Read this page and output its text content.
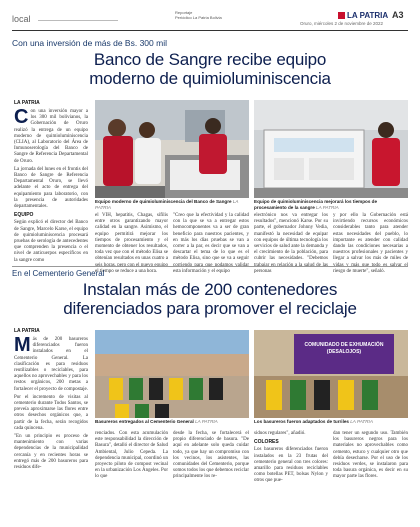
local
Reportaje
Periódico La Patria Bolivia	LA PATRIA A3
Oruro, miércoles 2 de noviembre de 2022
Con una inversión de más de Bs. 300 mil
Banco de Sangre recibe equipo
moderno de quimioluminiscencia
LA PATRIA

Con una inversión mayor a los 300 mil bolivianos, la Gobernación de Oruro realizó la entrega de un equipo moderno de quimioluminiscencia (CLIA), al Laboratorio del Área de Inmunoserología del Banco de Sangre de Referencia Departamental de Oruro.

La jornada del lunes en el frontis del Banco de Sangre de Referencia Departamental Oruro, se llevó adelante el acto de entrega del equipamiento para laboratorio, con la presencia de autoridades departamentales.

EQUIPO

Según explicó el director del Banco de Sangre, Marcelo Karse, el equipo de quimioluminiscencia procesará pruebas de serología de antecedentes que comprenden la presencia o el nivel de anticuerpos específicos en la sangre como

Equipo moderno de quimioluminiscencia del Banco de Sangre LA PATRIA
Equipo de quimioluminiscencia mejorará los tiempos de procesamiento de la sangre LA PATRIA
el VIH, hepatitis, Chagas, sífilis entre otros garantizando mayor calidad en la sangre. Asimismo, el equipo permitirá mejorar los tiempos de procesamiento y el momento de obtener los resultados, toda vez que con el método Elisa se obtenían resultados en unas cuatro a el tiempo se reduce a una hora.
"Creo que la efectividad y la calidad con la que se va a entregar estos hemocomponentes va a ser de gran beneficio para nuestros pacientes, y en más los días pruebas se van a correr a la par, es decir que se van a descartar el tema de lo que es el método Elisa, sino que se va a seguir esta información y el equipo
electrónico nos va entregar los resultados", mencionó Karse. Por su parte, el gobernador Johnny Vedia, manifestó la necesidad de equipar con equipos de última tecnología los servicios de salud ante la demanda y el crecimiento de la población, para cubrir las necesidades. "Debemos personas
y por ello la Gobernación está invirtiendo recursos económicos considerables tanto para atender estas necesidades del pueblo, lo importante es atender con calidad dando las condiciones necesarias a nuestros profesionales y pacientes y llegar a salvar los más de miles de riesgo de muerte", señaló.
En el Cementerio General
Instalan más de 200 contenedores
diferenciados para promover el reciclaje
LA PATRIA

Más de 200 basureros diferenciados fueron instalados en el Cementerio General. La clasificación es para residuos reutilizables o reciclables, para aquellos no aprovechables y para los restos orgánicos, 200 metas a fortalecer el proyecto de compostaje.

Por el incremento de visitas al cementerio durante Todos Santos, se preveía aproximarse las flores entre otros desechos orgánicos que, a partir de la fecha, serán recogidos cada quincena.

"En un principio es proceso de mantenimiento con varias dependencias de la municipalidad cercanía y en recientes horas se entregó más de 200 basureros para residuos dife-

Basureros entregados al Cementerio General LA PATRIA
COMUNIDADO DE EXHUMACIÓN
(DESALOJOS)
Los basureros fueron adaptados de turriles LA PATRIA
renciados. Con esta acumulación este responsabilidad la dirección de Basura", detalló el director de Salud Ambiental, Julio Cepeda. La dependencia municipal, coordinó un proyecto piloto de compost vecinal en la urbanización Los Ángeles. Por lo que
desde la fecha, se fortalecerá el propio diferenciado de basura. "De aquí en adelante solo queda cuidar todo, ya que hay un compromiso con los vecinos, los asistentes, las comunidades del Cementerio, porque somos todos los que debemos reciclar principalmente los re-

siduos regulares", añadió.

COLORES

Los basureros diferenciados fueron instalados en la 23 frutas del cementerio general con tres colores: amarillo para residuos reciclables como botellas PET, bolsas Nylon y otros que pue-

dan tener un segundo uso. También los basureros negros para los materiales no aprovechables como cemento, estuco y cualquier otro que debía desecharse. Por el uso de los residuos verdes, se instalaron para toda basura orgánica, es decir en su mayor parte las flores.
